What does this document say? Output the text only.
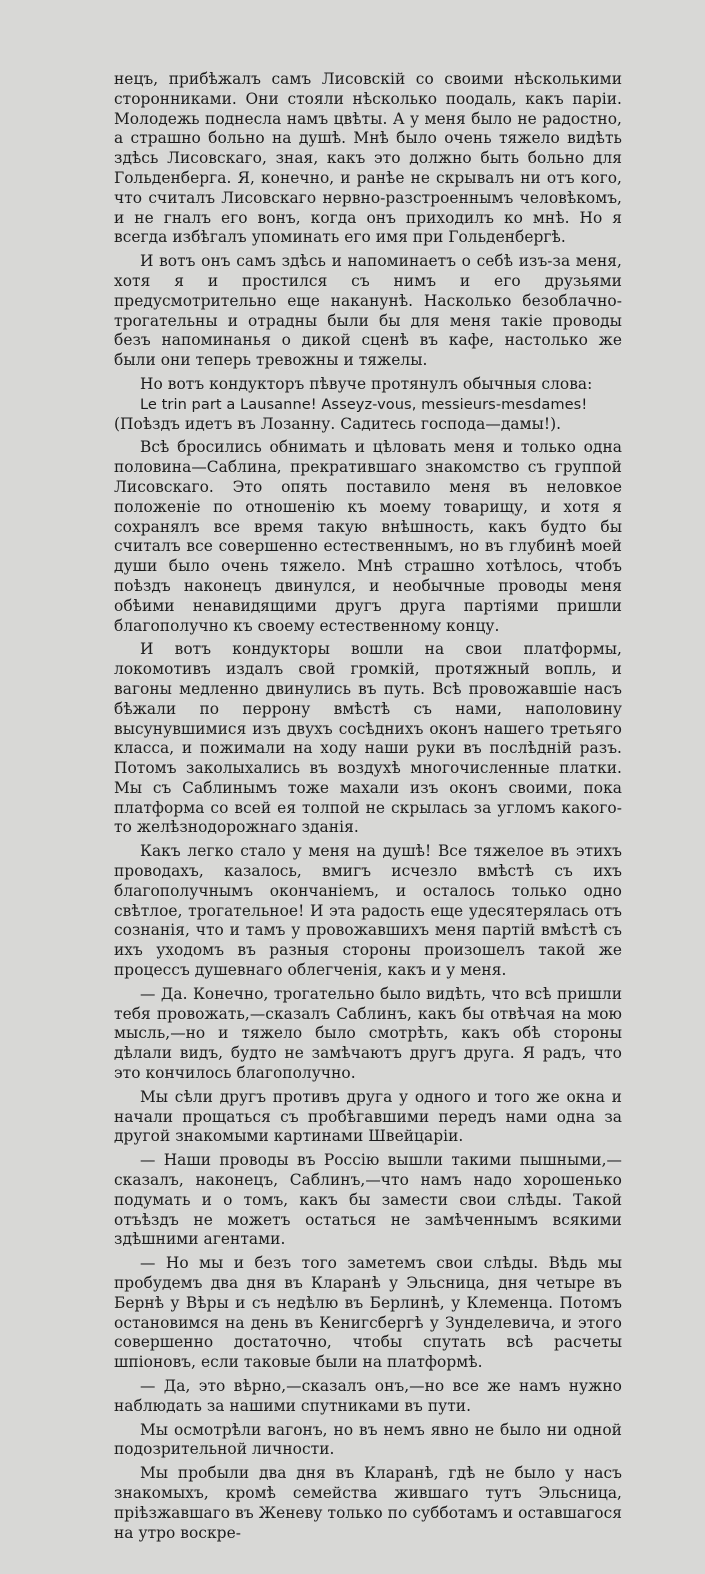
нецъ, прибѣжалъ самъ Лисовскій со своими нѣсколькими сторонниками. Они стояли нѣсколько поодаль, какъ паріи. Молодежь поднесла намъ цвѣты. А у меня было не радостно, а страшно больно на душѣ. Мнѣ было очень тяжело видѣть здѣсь Лисовскаго, зная, какъ это должно быть больно для Гольденберга. Я, конечно, и ранѣе не скрывалъ ни отъ кого, что считалъ Лисовскаго нервно-разстроеннымъ человѣкомъ, и не гналъ его вонъ, когда онъ приходилъ ко мнѣ. Но я всегда избѣгалъ упоминать его имя при Гольденбергѣ.

И вотъ онъ самъ здѣсь и напоминаетъ о себѣ изъ-за меня, хотя я и простился съ нимъ и его друзьями предусмотрительно еще наканунѣ. Насколько безоблачно-трогательны и отрадны были бы для меня такіе проводы безъ напоминанья о дикой сценѣ въ кафе, настолько же были они теперь тревожны и тяжелы.

Но вотъ кондукторъ пѣвуче протянулъ обычныя слова:

Le trin part a Lausanne! Asseyz-vous, messieurs-mesdames!

(Поѣздъ идетъ въ Лозанну. Садитесь господа—дамы!).

Всѣ бросились обнимать и цѣловать меня и только одна половина—Саблина, прекратившаго знакомство съ группой Лисовскаго. Это опять поставило меня въ неловкое положеніе по отношенію къ моему товарищу, и хотя я сохранялъ все время такую внѣшность, какъ будто бы считалъ все совершенно естественнымъ, но въ глубинѣ моей души было очень тяжело. Мнѣ страшно хотѣлось, чтобъ поѣздъ наконецъ двинулся, и необычные проводы меня обѣими ненавидящими другъ друга партіями пришли благополучно къ своему естественному концу.

И вотъ кондукторы вошли на свои платформы, локомотивъ издалъ свой громкій, протяжный вопль, и вагоны медленно двинулись въ путь. Всѣ провожавшіе насъ бѣжали по перрону вмѣстѣ съ нами, наполовину высунувшимися изъ двухъ сосѣднихъ оконъ нашего третьяго класса, и пожимали на ходу наши руки въ послѣдній разъ. Потомъ заколыхались въ воздухѣ многочисленные платки. Мы съ Саблинымъ тоже махали изъ оконъ своими, пока платформа со всей ея толпой не скрылась за угломъ какого-то желѣзнодорожнаго зданія.

Какъ легко стало у меня на душѣ! Все тяжелое въ этихъ проводахъ, казалось, вмигъ исчезло вмѣстѣ съ ихъ благополучнымъ окончаніемъ, и осталось только одно свѣтлое, трогательное! И эта радость еще удесятерялась отъ сознанія, что и тамъ у провожавшихъ меня партій вмѣстѣ съ ихъ уходомъ въ разныя стороны произошелъ такой же процессъ душевнаго облегченія, какъ и у меня.

— Да. Конечно, трогательно было видѣть, что всѣ пришли тебя провожать,—сказалъ Саблинъ, какъ бы отвѣчая на мою мысль,—но и тяжело было смотрѣть, какъ обѣ стороны дѣлали видъ, будто не замѣчаютъ другъ друга. Я радъ, что это кончилось благополучно.

Мы сѣли другъ противъ друга у одного и того же окна и начали прощаться съ пробѣгавшими передъ нами одна за другой знакомыми картинами Швейцаріи.

— Наши проводы въ Россію вышли такими пышными,—сказалъ, наконецъ, Саблинъ,—что намъ надо хорошенько подумать и о томъ, какъ бы замести свои слѣды. Такой отъѣздъ не можетъ остаться не замѣченнымъ всякими здѣшними агентами.

— Но мы и безъ того заметемъ свои слѣды. Вѣдь мы пробудемъ два дня въ Кларанѣ у Эльсница, дня четыре въ Бернѣ у Вѣры и съ недѣлю въ Берлинѣ, у Клеменца. Потомъ остановимся на день въ Кенигсбергѣ у Зунделевича, и этого совершенно достаточно, чтобы спутать всѣ расчеты шпіоновъ, если таковые были на платформѣ.

— Да, это вѣрно,—сказалъ онъ,—но все же намъ нужно наблюдать за нашими спутниками въ пути.

Мы осмотрѣли вагонъ, но въ немъ явно не было ни одной подозрительной личности.

Мы пробыли два дня въ Кларанѣ, гдѣ не было у насъ знакомыхъ, кромѣ семейства жившаго тутъ Эльсница, пріѣзжавшаго въ Женеву только по субботамъ и оставшагося на утро воскре-
